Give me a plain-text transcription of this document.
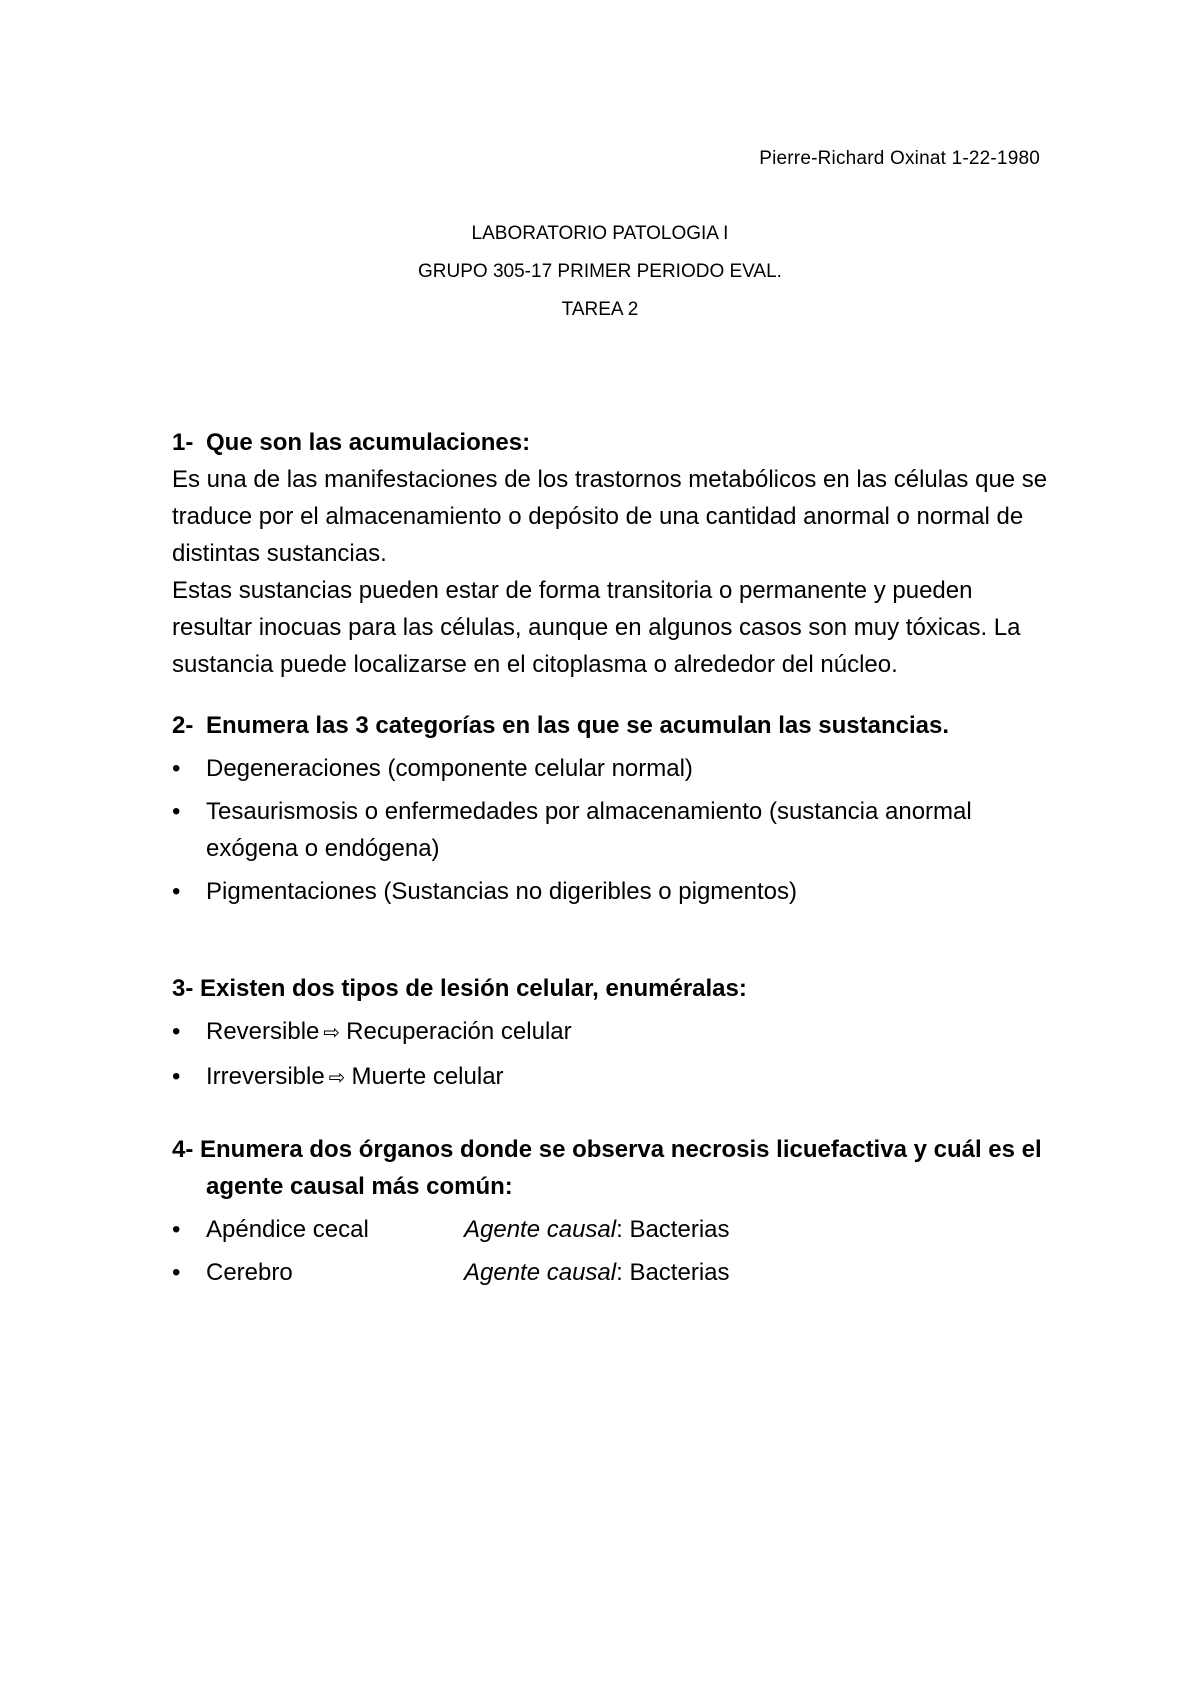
Pierre-Richard Oxinat 1-22-1980
LABORATORIO PATOLOGIA I
GRUPO 305-17 PRIMER PERIODO EVAL.
TAREA 2
1- Que son las acumulaciones:

Es una de las manifestaciones de los trastornos metabólicos en las células que se traduce por el almacenamiento o depósito de una cantidad anormal o normal de distintas sustancias.

Estas sustancias pueden estar de forma transitoria o permanente y pueden resultar inocuas para las células, aunque en algunos casos son muy tóxicas. La sustancia puede localizarse en el citoplasma o alrededor del núcleo.

2- Enumera las 3 categorías en las que se acumulan las sustancias.
•	Degeneraciones (componente celular normal)
•	Tesaurismosis o enfermedades por almacenamiento (sustancia anormal exógena o endógena)
•	Pigmentaciones (Sustancias no digeribles o pigmentos)
3- Existen dos tipos de lesión celular, enuméralas:
•	Reversible ⇨ Recuperación celular
•	Irreversible ⇨ Muerte celular
4- Enumera dos órganos donde se observa necrosis licuefactiva y cuál es el agente causal más común:
•	Apéndice cecal	Agente causal: Bacterias
•	Cerebro	Agente causal: Bacterias
